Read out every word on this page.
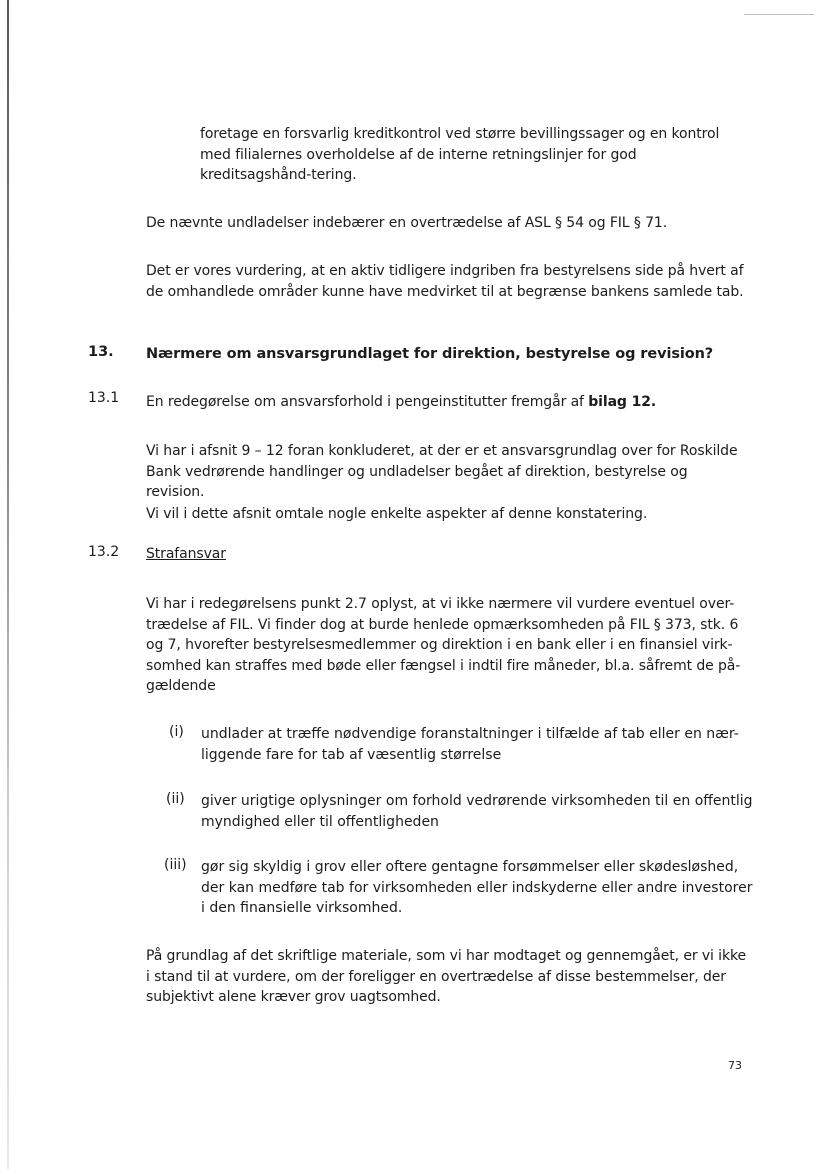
foretage en forsvarlig kreditkontrol ved større bevillingssager og en kontrol med filialernes overholdelse af de interne retningslinjer for god kreditsagshånd-tering.

De nævnte undladelser indebærer en overtrædelse af ASL § 54 og FIL § 71.

Det er vores vurdering, at en aktiv tidligere indgriben fra bestyrelsens side på hvert af de omhandlede områder kunne have medvirket til at begrænse bankens samlede tab.

13. Nærmere om ansvarsgrundlaget for direktion, bestyrelse og revision?

13.1 En redegørelse om ansvarsforhold i pengeinstitutter fremgår af bilag 12.

Vi har i afsnit 9 – 12 foran konkluderet, at der er et ansvarsgrundlag over for Roskilde Bank vedrørende handlinger og undladelser begået af direktion, bestyrelse og revision.

Vi vil i dette afsnit omtale nogle enkelte aspekter af denne konstatering.

13.2 Strafansvar

Vi har i redegørelsens punkt 2.7 oplyst, at vi ikke nærmere vil vurdere eventuel over-trædelse af FIL. Vi finder dog at burde henlede opmærksomheden på FIL § 373, stk. 6 og 7, hvorefter bestyrelsesmedlemmer og direktion i en bank eller i en finansiel virk-somhed kan straffes med bøde eller fængsel i indtil fire måneder, bl.a. såfremt de på-gældende

(i)	undlader at træffe nødvendige foranstaltninger i tilfælde af tab eller en nær-liggende fare for tab af væsentlig størrelse

(ii)	giver urigtige oplysninger om forhold vedrørende virksomheden til en offentlig myndighed eller til offentligheden

(iii)	gør sig skyldig i grov eller oftere gentagne forsømmelser eller skødesløshed, der kan medføre tab for virksomheden eller indskyderne eller andre investorer i den finansielle virksomhed.

På grundlag af det skriftlige materiale, som vi har modtaget og gennemgået, er vi ikke i stand til at vurdere, om der foreligger en overtrædelse af disse bestemmelser, der subjektivt alene kræver grov uagtsomhed.

73
